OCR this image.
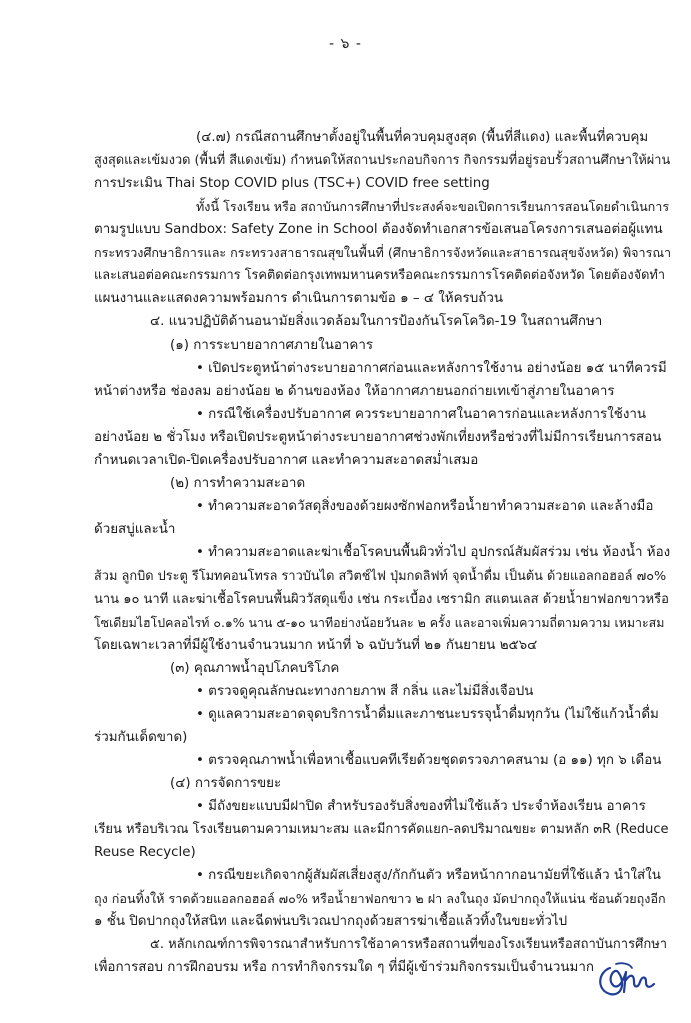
- ๖ -
(๔.๗) กรณีสถานศึกษาตั้งอยู่ในพื้นที่ควบคุมสูงสุด (พื้นที่สีแดง) และพื้นที่ควบคุม
สูงสุดและเข้มงวด (พื้นที่ สีแดงเข้ม) กำหนดให้สถานประกอบกิจการ กิจกรรมที่อยู่รอบรั้วสถานศึกษาให้ผ่าน
การประเมิน Thai Stop COVID plus (TSC+) COVID free setting
ทั้งนี้ โรงเรียน หรือ สถาบันการศึกษาที่ประสงค์จะขอเปิดการเรียนการสอนโดยดำเนินการ
ตามรูปแบบ Sandbox: Safety Zone in School ต้องจัดทำเอกสารข้อเสนอโครงการเสนอต่อผู้แทน
กระทรวงศึกษาธิการและ กระทรวงสาธารณสุขในพื้นที่ (ศึกษาธิการจังหวัดและสาธารณสุขจังหวัด) พิจารณา
และเสนอต่อคณะกรรมการ โรคติดต่อกรุงเทพมหานครหรือคณะกรรมการโรคติดต่อจังหวัด โดยต้องจัดทำ
แผนงานและแสดงความพร้อมการ ดำเนินการตามข้อ ๑ – ๔ ให้ครบถ้วน
๔. แนวปฏิบัติด้านอนามัยสิ่งแวดล้อมในการป้องกันโรคโควิด-19 ในสถานศึกษา
(๑) การระบายอากาศภายในอาคาร
• เปิดประตูหน้าต่างระบายอากาศก่อนและหลังการใช้งาน อย่างน้อย ๑๕ นาทีควรมี
หน้าต่างหรือ ช่องลม อย่างน้อย ๒ ด้านของห้อง ให้อากาศภายนอกถ่ายเทเข้าสู่ภายในอาคาร
• กรณีใช้เครื่องปรับอากาศ ควรระบายอากาศในอาคารก่อนและหลังการใช้งาน
อย่างน้อย ๒ ชั่วโมง หรือเปิดประตูหน้าต่างระบายอากาศช่วงพักเที่ยงหรือช่วงที่ไม่มีการเรียนการสอน
กำหนดเวลาเปิด-ปิดเครื่องปรับอากาศ และทำความสะอาดสม่ำเสมอ
(๒) การทำความสะอาด
• ทำความสะอาดวัสดุสิ่งของด้วยผงซักฟอกหรือน้ำยาทำความสะอาด และล้างมือ
ด้วยสบู่และน้ำ
• ทำความสะอาดและฆ่าเชื้อโรคบนพื้นผิวทั่วไป อุปกรณ์สัมผัสร่วม เช่น ห้องน้ำ ห้อง
ส้วม ลูกบิด ประตู รีโมทคอนโทรล ราวบันได สวิตช์ไฟ ปุ่มกดลิฟท์ จุดน้ำดื่ม เป็นต้น ด้วยแอลกอฮอล์ ๗๐%
นาน ๑๐ นาที และฆ่าเชื้อโรคบนพื้นผิววัสดุแข็ง เช่น กระเบื้อง เซรามิก สแตนเลส ด้วยน้ำยาฟอกขาวหรือ
โซเดียมไฮโปคลอไรท์ ๐.๑% นาน ๕-๑๐ นาทีอย่างน้อยวันละ ๒ ครั้ง และอาจเพิ่มความถี่ตามความ เหมาะสม
โดยเฉพาะเวลาที่มีผู้ใช้งานจำนวนมาก หน้าที่ ๖ ฉบับวันที่ ๒๑ กันยายน ๒๕๖๔
(๓) คุณภาพน้ำอุปโภคบริโภค
• ตรวจดูคุณลักษณะทางกายภาพ สี กลิ่น และไม่มีสิ่งเจือปน
• ดูแลความสะอาดจุดบริการน้ำดื่มและภาชนะบรรจุน้ำดื่มทุกวัน (ไม่ใช้แก้วน้ำดื่ม
ร่วมกันเด็ดขาด)
• ตรวจคุณภาพน้ำเพื่อหาเชื้อแบคทีเรียด้วยชุดตรวจภาคสนาม (อ ๑๑) ทุก ๖ เดือน
(๔) การจัดการขยะ
• มีถังขยะแบบมีฝาปิด สำหรับรองรับสิ่งของที่ไม่ใช้แล้ว ประจำห้องเรียน อาคาร
เรียน หรือบริเวณ โรงเรียนตามความเหมาะสม และมีการคัดแยก-ลดปริมาณขยะ ตามหลัก ๓R (Reduce
Reuse Recycle)
• กรณีขยะเกิดจากผู้สัมผัสเสี่ยงสูง/กักกันตัว หรือหน้ากากอนามัยที่ใช้แล้ว นำใส่ใน
ถุง ก่อนทิ้งให้ ราดด้วยแอลกอฮอล์ ๗๐% หรือน้ำยาฟอกขาว ๒ ฝา ลงในถุง มัดปากถุงให้แน่น ซ้อนด้วยถุงอีก
๑ ชั้น ปิดปากถุงให้สนิท และฉีดพ่นบริเวณปากถุงด้วยสารฆ่าเชื้อแล้วทิ้งในขยะทั่วไป
๕. หลักเกณฑ์การพิจารณาสำหรับการใช้อาคารหรือสถานที่ของโรงเรียนหรือสถาบันการศึกษา
เพื่อการสอบ การฝึกอบรม หรือ การทำกิจกรรมใด ๆ ที่มีผู้เข้าร่วมกิจกรรมเป็นจำนวนมาก
